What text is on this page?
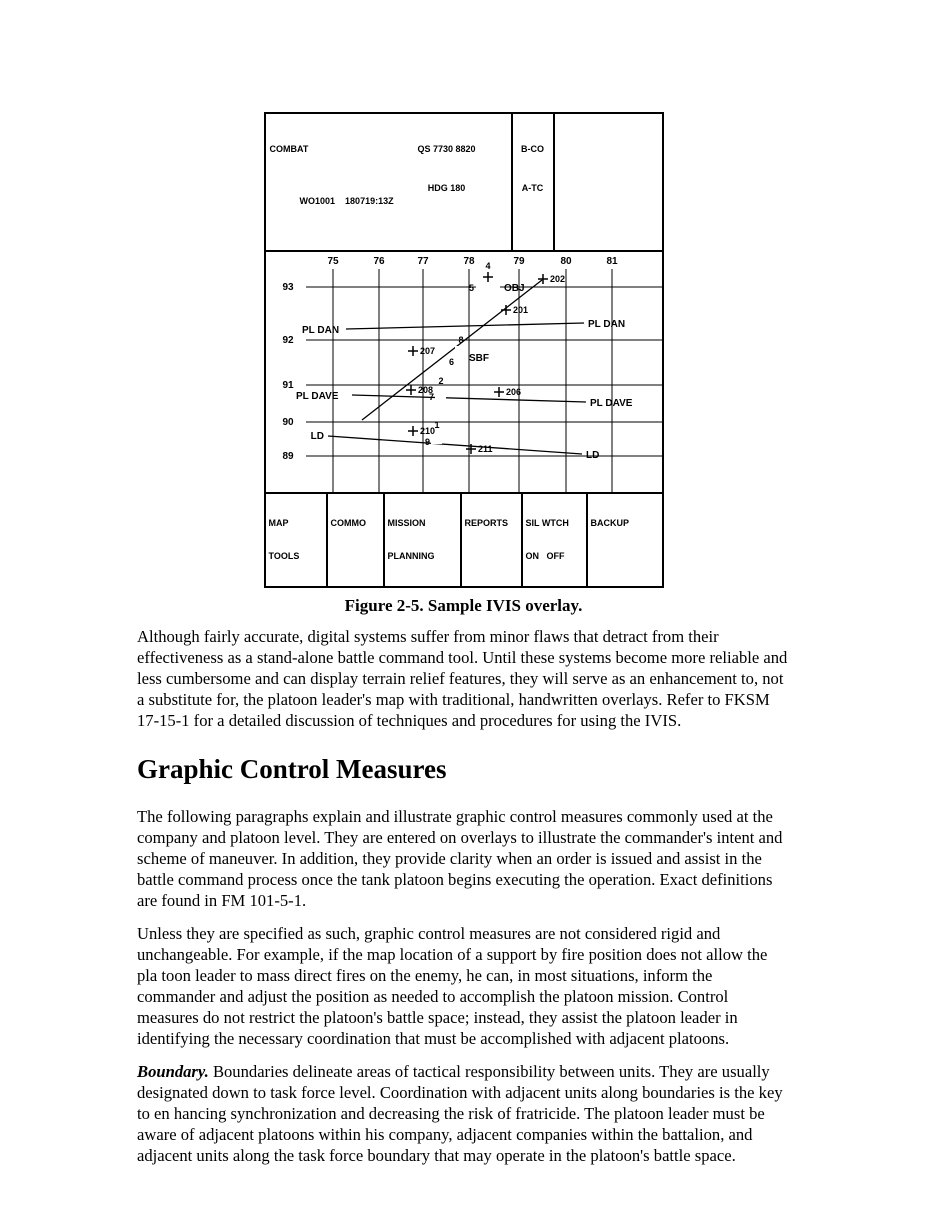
COMBAT

WO1001 180719:13Z

QS 7730 8820

HDG 180

B-CO

A-TC

75	76	77	78	79	80	81
93
92
91
90
89
202
201
207
208	206
210
211
4
5
8
6
2
7
1
9
PL DAN
PL DAN
PL DAVE
PL DAVE
LD
LD
OBJ
SBF

MAP

TOOLS

COMMO

	MISSION

PLANNING

REPORTS

	SIL WTCH

ON   OFF

BACKUP

Figure 2-5. Sample IVIS overlay.

Although fairly accurate, digital systems suffer from minor flaws that detract from their effectiveness as a stand-alone battle command tool. Until these systems become more reliable and less cumbersome and can display terrain relief features, they will serve as an enhancement to, not a substitute for, the platoon leader's map with traditional, handwritten overlays. Refer to FKSM 17-15-1 for a detailed discussion of techniques and procedures for using the IVIS.

Graphic Control Measures

The following paragraphs explain and illustrate graphic control measures commonly used at the company and platoon level. They are entered on overlays to illustrate the commander's intent and scheme of maneuver. In addition, they provide clarity when an order is issued and assist in the battle command process once the tank platoon begins executing the operation. Exact definitions are found in FM 101-5-1.

Unless they are specified as such, graphic control measures are not considered rigid and unchangeable. For example, if the map location of a support by fire position does not allow the pla toon leader to mass direct fires on the enemy, he can, in most situations, inform the commander and adjust the position as needed to accomplish the platoon mission. Control measures do not restrict the platoon's battle space; instead, they assist the platoon leader in identifying the necessary coordination that must be accomplished with adjacent platoons.

Boundary. Boundaries delineate areas of tactical responsibility between units. They are usually designated down to task force level. Coordination with adjacent units along boundaries is the key to en hancing synchronization and decreasing the risk of fratricide. The platoon leader must be aware of adjacent platoons within his company, adjacent companies within the battalion, and adjacent units along the task force boundary that may operate in the platoon's battle space.
